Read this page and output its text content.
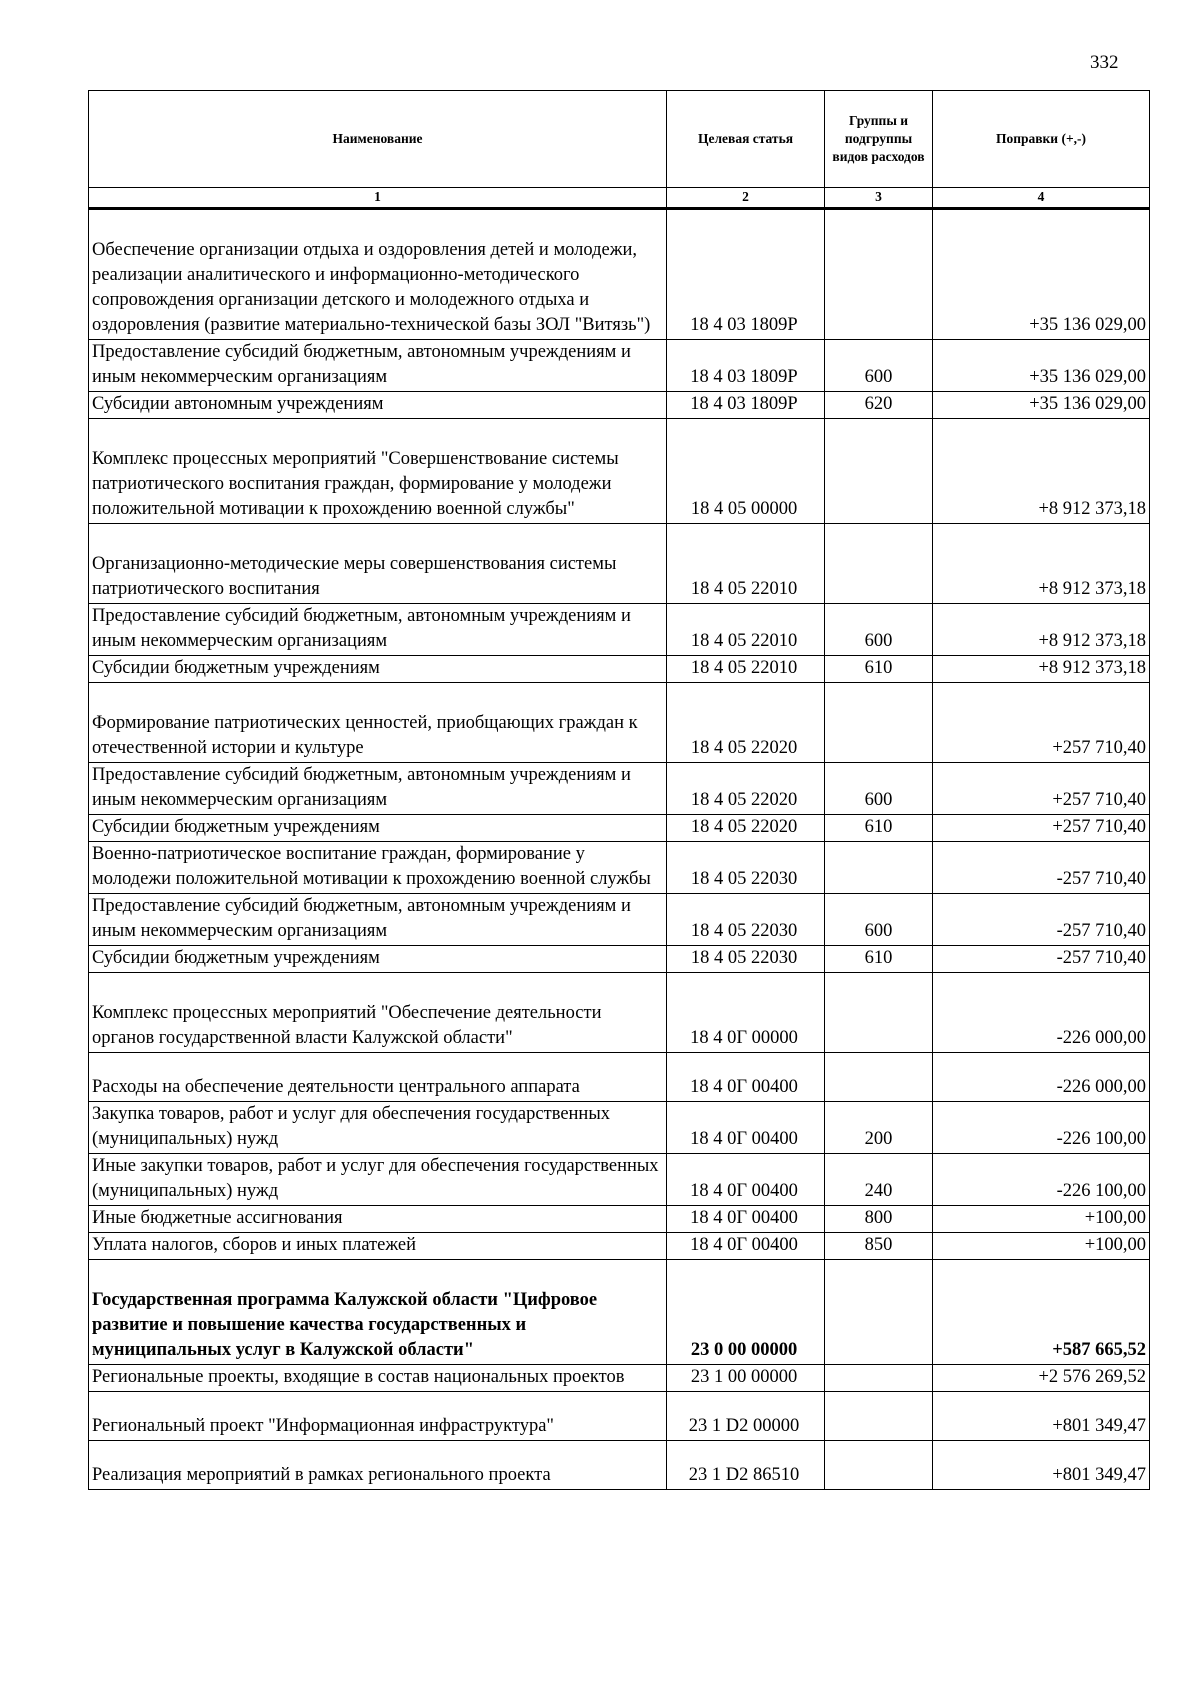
332
Наименование	Целевая статья	Группы и подгруппы видов расходов	Поправки (+,-)
1	2	3	4
Обеспечение организации отдыха и оздоровления детей и молодежи, реализации аналитического и информационно-методического сопровождения организации детского и молодежного отдыха и оздоровления (развитие материально-технической базы ЗОЛ "Витязь")	18 4 03 1809Р		+35 136 029,00
Предоставление субсидий бюджетным, автономным учреждениям и иным некоммерческим организациям	18 4 03 1809Р	600	+35 136 029,00
Субсидии автономным учреждениям	18 4 03 1809Р	620	+35 136 029,00
Комплекс процессных мероприятий "Совершенствование системы патриотического воспитания граждан, формирование у молодежи положительной мотивации к прохождению военной службы"	18 4 05 00000		+8 912 373,18
Организационно-методические меры совершенствования системы патриотического воспитания	18 4 05 22010		+8 912 373,18
Предоставление субсидий бюджетным, автономным учреждениям и иным некоммерческим организациям	18 4 05 22010	600	+8 912 373,18
Субсидии бюджетным учреждениям	18 4 05 22010	610	+8 912 373,18
Формирование патриотических ценностей, приобщающих граждан к отечественной истории и культуре	18 4 05 22020		+257 710,40
Предоставление субсидий бюджетным, автономным учреждениям и иным некоммерческим организациям	18 4 05 22020	600	+257 710,40
Субсидии бюджетным учреждениям	18 4 05 22020	610	+257 710,40
Военно-патриотическое воспитание граждан, формирование у молодежи положительной мотивации к прохождению военной службы	18 4 05 22030		-257 710,40
Предоставление субсидий бюджетным, автономным учреждениям и иным некоммерческим организациям	18 4 05 22030	600	-257 710,40
Субсидии бюджетным учреждениям	18 4 05 22030	610	-257 710,40
Комплекс процессных мероприятий "Обеспечение деятельности органов государственной власти Калужской области"	18 4 0Г 00000		-226 000,00
Расходы на обеспечение деятельности центрального аппарата	18 4 0Г 00400		-226 000,00
Закупка товаров, работ и услуг для обеспечения государственных (муниципальных) нужд	18 4 0Г 00400	200	-226 100,00
Иные закупки товаров, работ и услуг для обеспечения государственных (муниципальных) нужд	18 4 0Г 00400	240	-226 100,00
Иные бюджетные ассигнования	18 4 0Г 00400	800	+100,00
Уплата налогов, сборов и иных платежей	18 4 0Г 00400	850	+100,00
Государственная программа Калужской области "Цифровое развитие и повышение качества государственных и муниципальных услуг в Калужской области"	23 0 00 00000		+587 665,52
Региональные проекты, входящие в состав национальных проектов	23 1 00 00000		+2 576 269,52
Региональный проект "Информационная инфраструктура"	23 1 D2 00000		+801 349,47
Реализация мероприятий в рамках регионального проекта	23 1 D2 86510		+801 349,47
